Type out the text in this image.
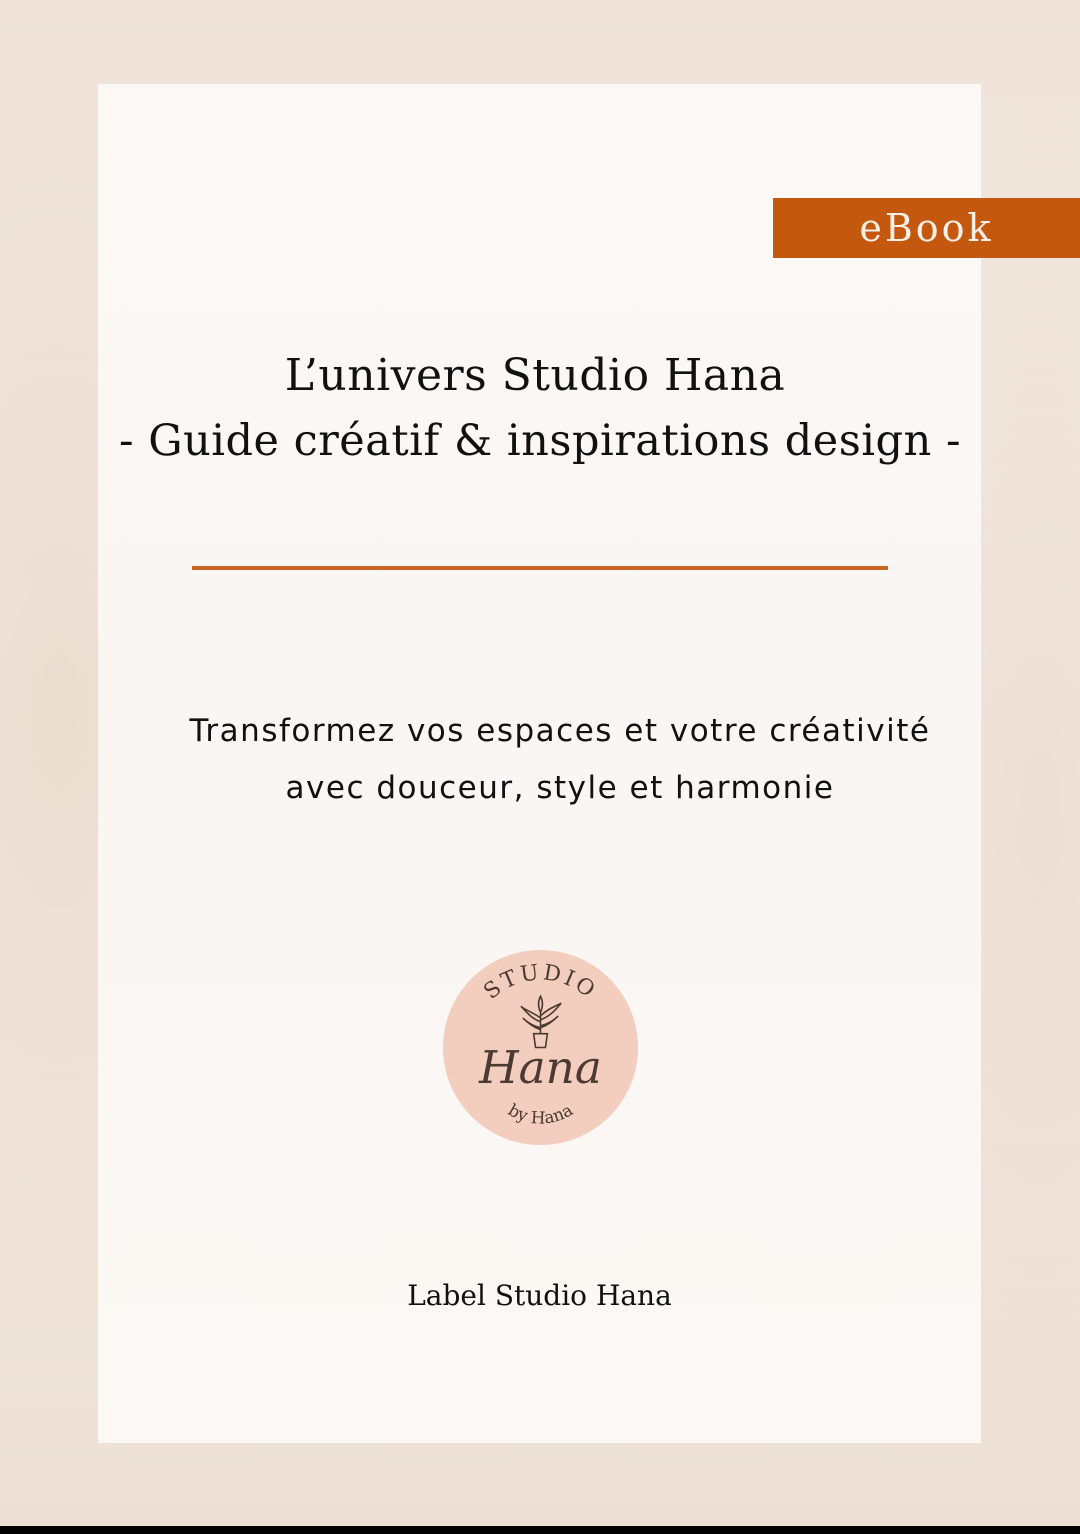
eBook
L’univers Studio Hana
- Guide créatif & inspirations design -
Transformez vos espaces et votre créativité
avec douceur, style et harmonie
STUDIO
Hana
by Hana
Label Studio Hana
